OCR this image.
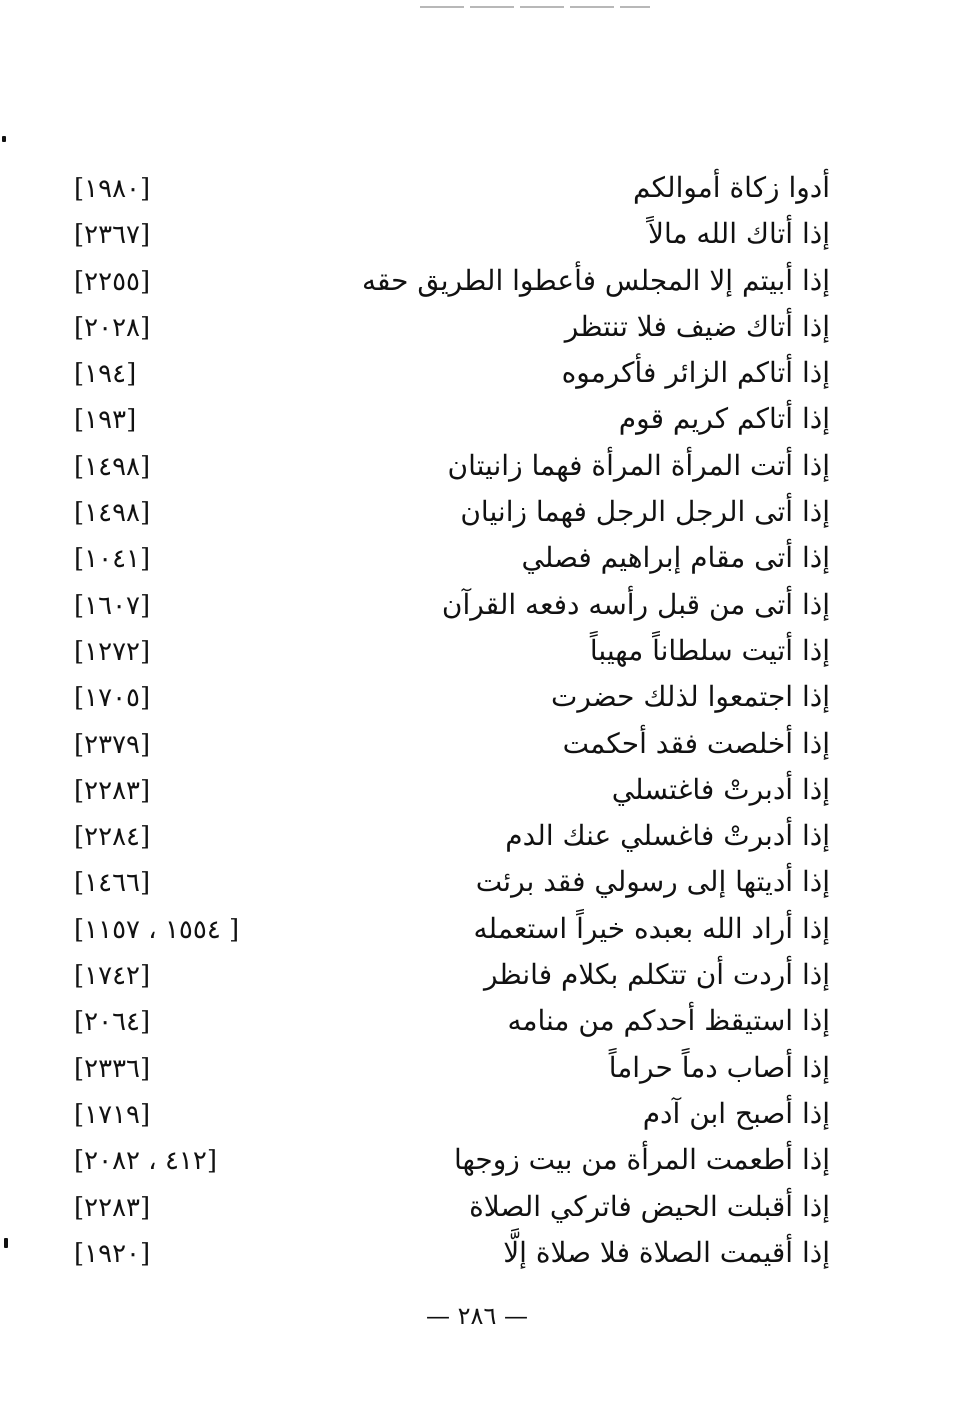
أدوا زكاة أموالكم
[١٩٨٠]
إذا أتاك الله مالاً
[٢٣٦٧]
إذا أبيتم إلا المجلس فأعطوا الطريق حقه
[٢٢٥٥]
إذا أتاك ضيف فلا تنتظر
[٢٠٢٨]
إذا أتاكم الزائر فأكرموه
[١٩٤]
إذا أتاكم كريم قوم
[١٩٣]
إذا أتت المرأة المرأة فهما زانيتان
[١٤٩٨]
إذا أتى الرجل الرجل فهما زانيان
[١٤٩٨]
إذا أتى مقام إبراهيم فصلي
[١٠٤١]
إذا أتى من قبل رأسه دفعه القرآن
[١٦٠٧]
إذا أتيت سلطاناً مهيباً
[١٢٧٢]
إذا اجتمعوا لذلك حضرت
[١٧٠٥]
إذا أخلصت فقد أحكمت
[٢٣٧٩]
إذا أدبرتْ فاغتسلي
[٢٢٨٣]
إذا أدبرتْ فاغسلي عنك الدم
[٢٢٨٤]
إذا أديتها إلى رسولي فقد برئت
[١٤٦٦]
إذا أراد الله بعبده خيراً استعمله
[١٥٥٤ ، ١١٥٧ ]
إذا أردت أن تتكلم بكلام فانظر
[١٧٤٢]
إذا استيقظ أحدكم من منامه
[٢٠٦٤]
إذا أصاب دماً حراماً
[٢٣٣٦]
إذا أصبح ابن آدم
[١٧١٩]
إذا أطعمت المرأة من بيت زوجها
[٤١٢ ، ٢٠٨٢]
إذا أقبلت الحيض فاتركي الصلاة
[٢٢٨٣]
إذا أقيمت الصلاة فلا صلاة إلَّا
[١٩٢٠]
— ٢٨٦ —
